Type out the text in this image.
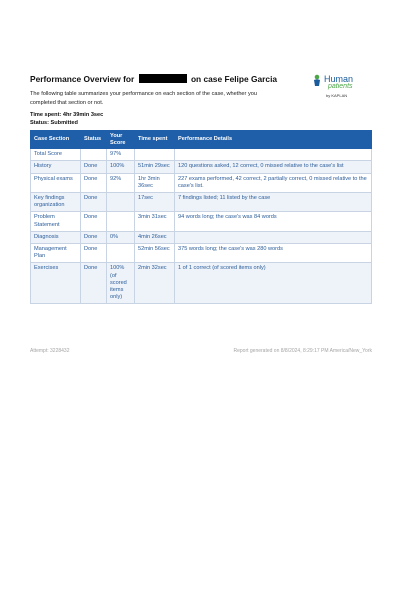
Performance Overview for	on case Felipe Garcia	Human
patients
by KAPLAN
The following table summarizes your performance on each section of the case, whether you completed that section or not.
Time spent: 4hr 39min 3sec
Status: Submitted
Case Section	Status	Your Score	Time spent	Performance Details
Total Score		97%		
History	Done	100%	51min 29sec	120 questions asked, 12 correct, 0 missed relative to the case's list
Physical exams	Done	92%	1hr 3min 36sec	227 exams performed, 42 correct, 2 partially correct, 0 missed relative to the case's list.
Key findings organization	Done		17sec	7 findings listed; 11 listed by the case
Problem Statement	Done		3min 31sec	94 words long; the case's was 84 words
Diagnosis	Done	0%	4min 26sec	
Management Plan	Done		52min 56sec	375 words long; the case's was 280 words
Exercises	Done	100% (of scored items only)	2min 32sec	1 of 1 correct (of scored items only)
Attempt: 3228432	Report generated on 8/8/2024, 8:29:17 PM America/New_York
